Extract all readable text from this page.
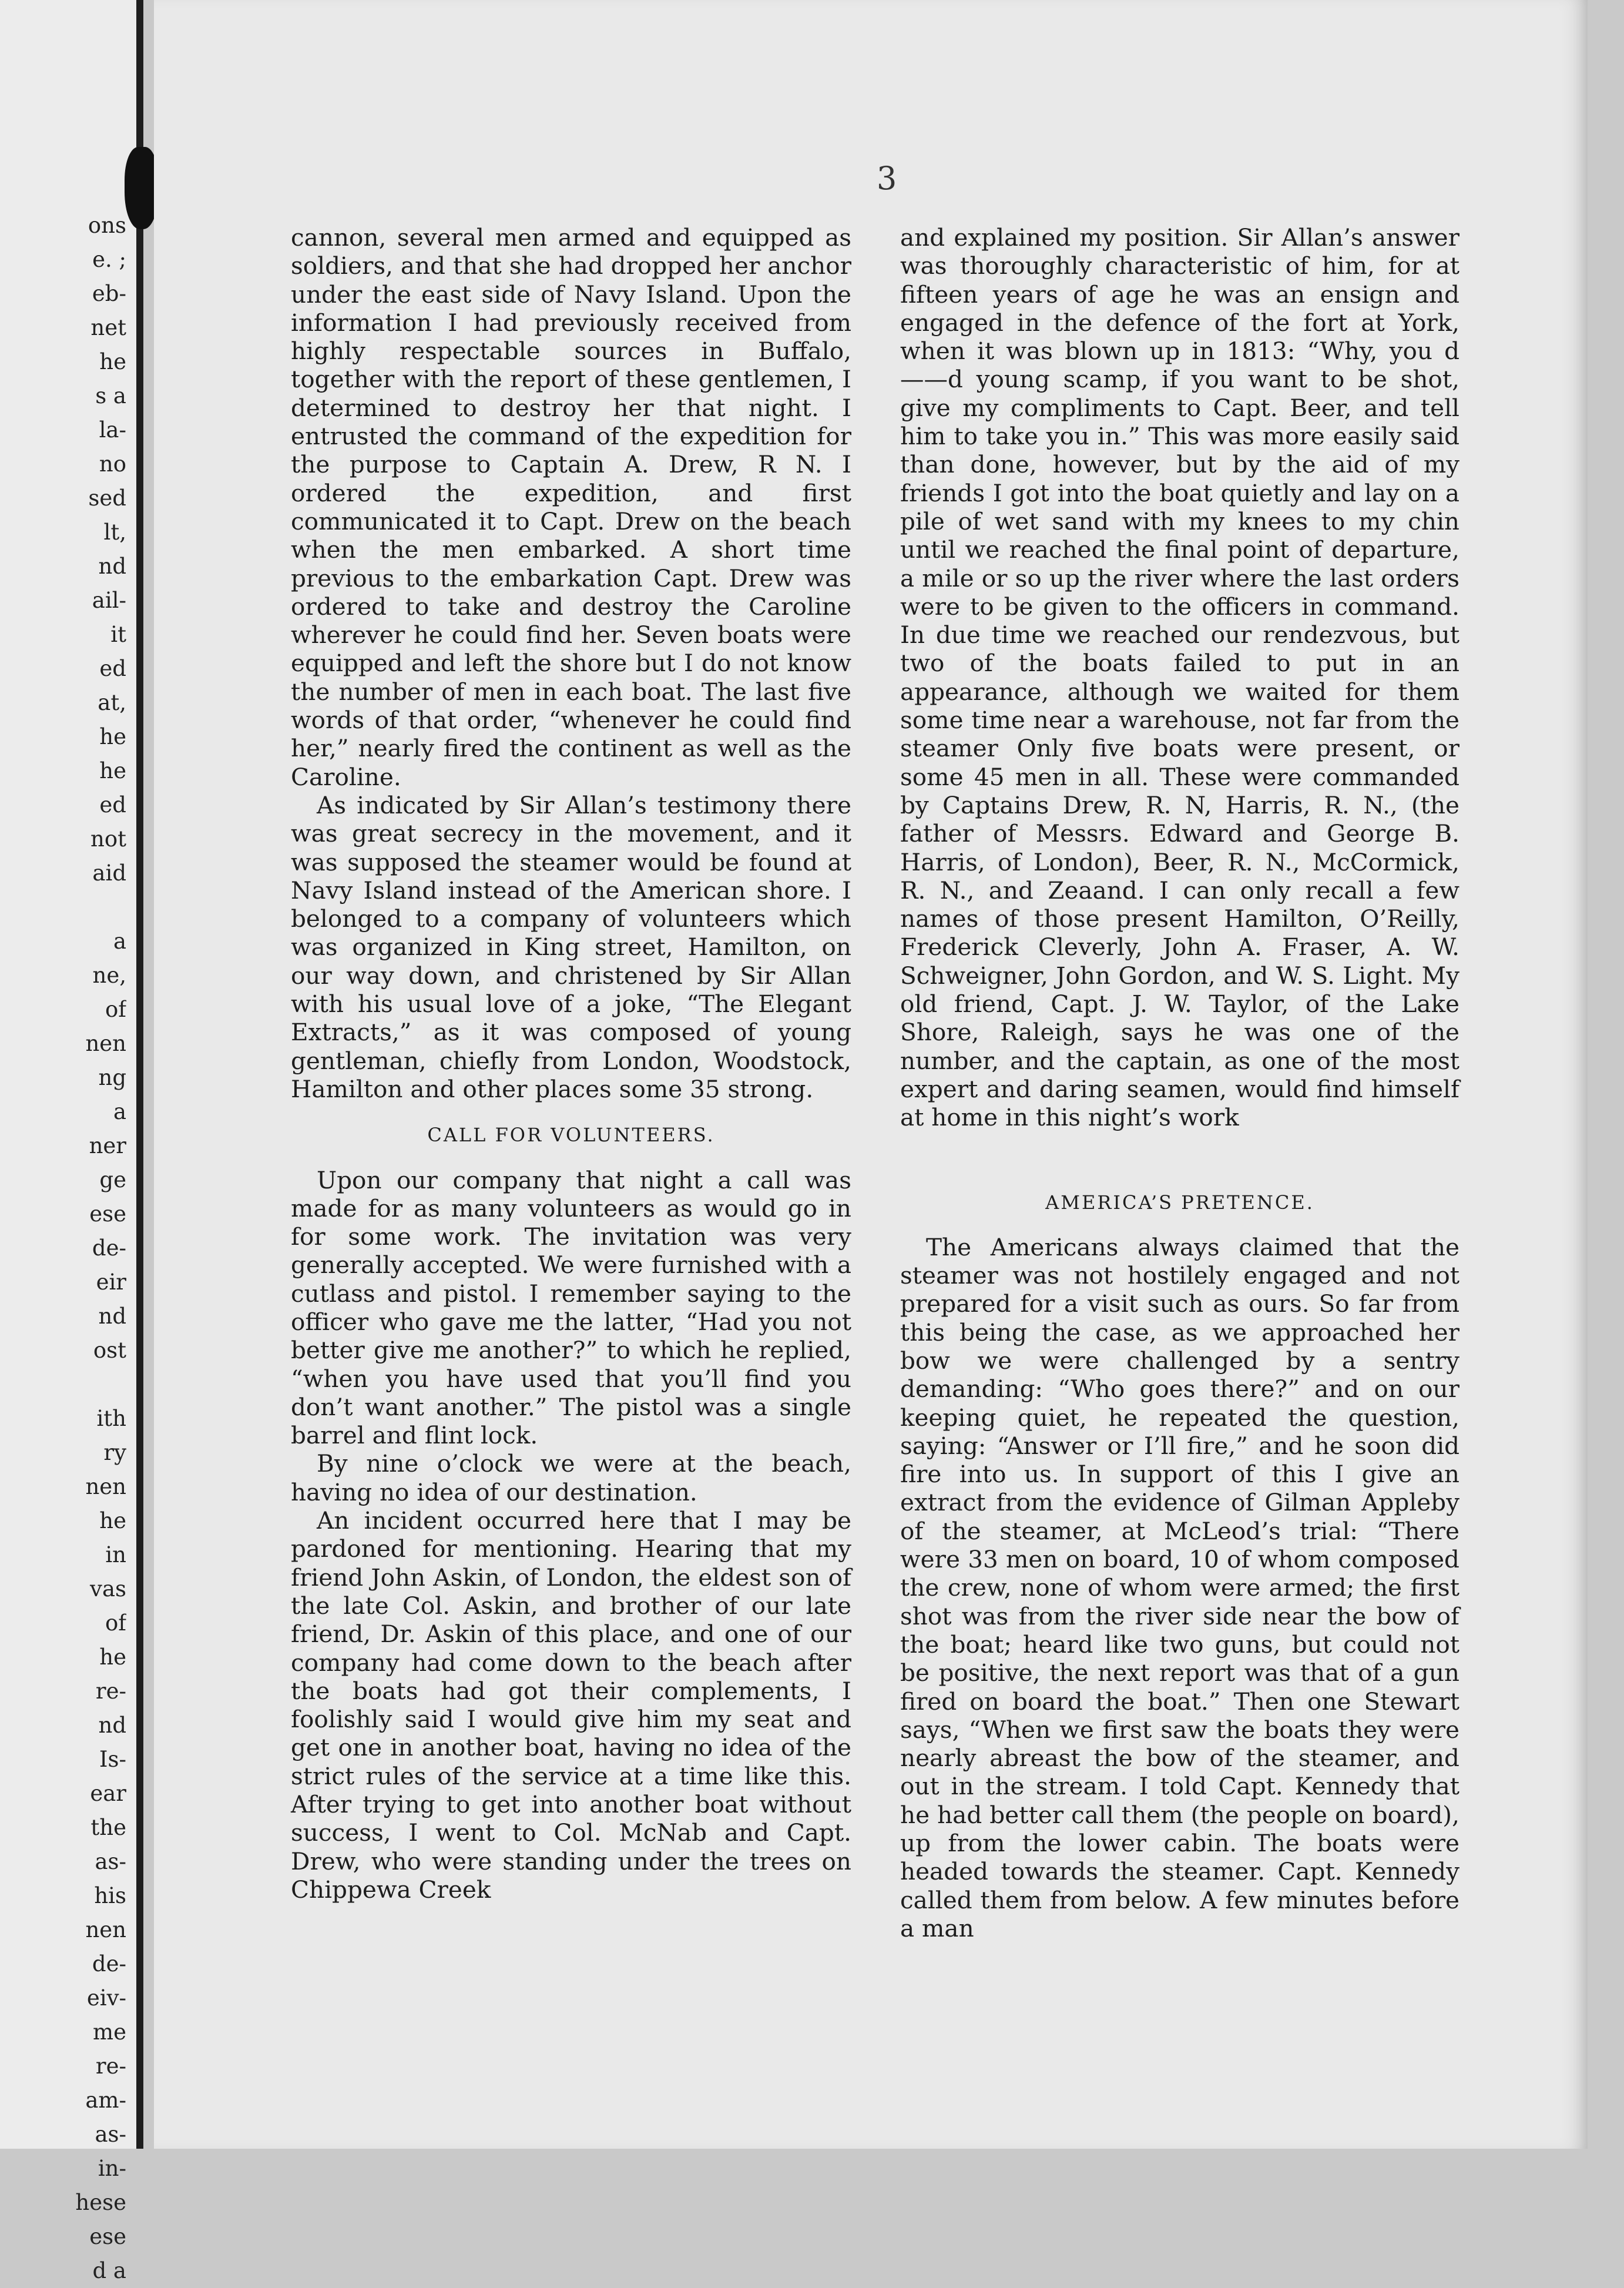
ons
e. ;
eb-
net
he
s a
la-
no
sed
lt,
nd
ail-
it
ed
at,
he
he
ed
not
aid
a
ne,
of
nen
ng
a
ner
ge
ese
de-
eir
nd
ost
ith
ry
nen
he
in
vas
of
he
re-
nd
Is-
ear
the
as-
his
nen
de-
eiv-
me
re-
am-
as-
in-
hese
ese
d a
3

cannon, several men armed and equipped as soldiers, and that she had dropped her anchor under the east side of Navy Island. Upon the information I had previously received from highly respectable sources in Buffalo, together with the report of these gentlemen, I determined to destroy her that night. I entrusted the command of the expedition for the purpose to Captain A. Drew, R N. I ordered the expedition, and first communicated it to Capt. Drew on the beach when the men embarked. A short time previous to the embarkation Capt. Drew was ordered to take and destroy the Caroline wherever he could find her. Seven boats were equipped and left the shore but I do not know the number of men in each boat. The last five words of that order, “whenever he could find her,” nearly fired the continent as well as the Caroline.

As indicated by Sir Allan’s testimony there was great secrecy in the movement, and it was supposed the steamer would be found at Navy Island instead of the American shore. I belonged to a company of volunteers which was organized in King street, Hamilton, on our way down, and christened by Sir Allan with his usual love of a joke, “The Elegant Extracts,” as it was composed of young gentleman, chiefly from London, Woodstock, Hamilton and other places some 35 strong.

CALL FOR VOLUNTEERS.

Upon our company that night a call was made for as many volunteers as would go in for some work. The invitation was very generally accepted. We were furnished with a cutlass and pistol. I remember saying to the officer who gave me the latter, “Had you not better give me another?” to which he replied, “when you have used that you’ll find you don’t want another.” The pistol was a single barrel and flint lock.

By nine o’clock we were at the beach, having no idea of our destination.

An incident occurred here that I may be pardoned for mentioning. Hearing that my friend John Askin, of London, the eldest son of the late Col. Askin, and brother of our late friend, Dr. Askin of this place, and one of our company had come down to the beach after the boats had got their complements, I foolishly said I would give him my seat and get one in another boat, having no idea of the strict rules of the service at a time like this. After trying to get into another boat without success, I went to Col. McNab and Capt. Drew, who were standing under the trees on Chippewa Creek

and explained my position. Sir Allan’s answer was thoroughly characteristic of him, for at fifteen years of age he was an ensign and engaged in the defence of the fort at York, when it was blown up in 1813: “Why, you d——d young scamp, if you want to be shot, give my compliments to Capt. Beer, and tell him to take you in.” This was more easily said than done, however, but by the aid of my friends I got into the boat quietly and lay on a pile of wet sand with my knees to my chin until we reached the final point of departure, a mile or so up the river where the last orders were to be given to the officers in command. In due time we reached our rendezvous, but two of the boats failed to put in an appearance, although we waited for them some time near a warehouse, not far from the steamer Only five boats were present, or some 45 men in all. These were commanded by Captains Drew, R. N, Harris, R. N., (the father of Messrs. Edward and George B. Harris, of London), Beer, R. N., McCormick, R. N., and Zeaand. I can only recall a few names of those present Hamilton, O’Reilly, Frederick Cleverly, John A. Fraser, A. W. Schweigner, John Gordon, and W. S. Light. My old friend, Capt. J. W. Taylor, of the Lake Shore, Raleigh, says he was one of the number, and the captain, as one of the most expert and daring seamen, would find himself at home in this night’s work

AMERICA’S PRETENCE.

The Americans always claimed that the steamer was not hostilely engaged and not prepared for a visit such as ours. So far from this being the case, as we approached her bow we were challenged by a sentry demanding: “Who goes there?” and on our keeping quiet, he repeated the question, saying: “Answer or I’ll fire,” and he soon did fire into us. In support of this I give an extract from the evidence of Gilman Appleby of the steamer, at McLeod’s trial: “There were 33 men on board, 10 of whom composed the crew, none of whom were armed; the first shot was from the river side near the bow of the boat; heard like two guns, but could not be positive, the next report was that of a gun fired on board the boat.” Then one Stewart says, “When we first saw the boats they were nearly abreast the bow of the steamer, and out in the stream. I told Capt. Kennedy that he had better call them (the people on board), up from the lower cabin. The boats were headed towards the steamer. Capt. Kennedy called them from below. A few minutes before a man
